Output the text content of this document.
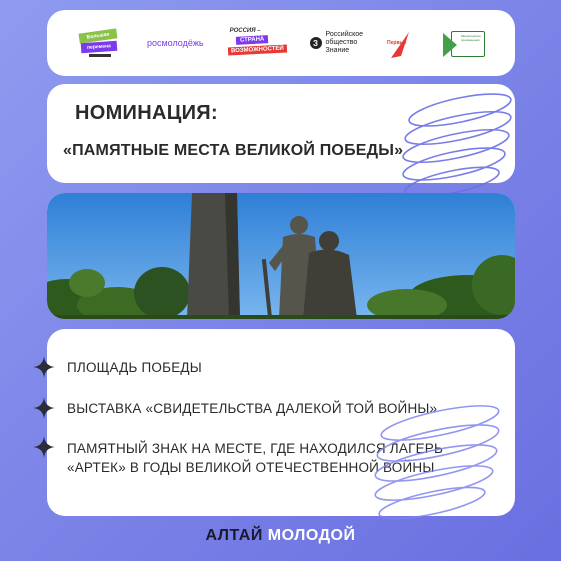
Большая
перемена	росмолодёжь
РОССИЯ –
СТРАНА
ВОЗМОЖНОСТЕЙ
З
Российское
общество
Знание
Первые
Министерство просвещения
НОМИНАЦИЯ:
«ПАМЯТНЫЕ МЕСТА ВЕЛИКОЙ ПОБЕДЫ»
ПЛОЩАДЬ ПОБЕДЫ
ВЫСТАВКА «СВИДЕТЕЛЬСТВА ДАЛЕКОЙ ТОЙ ВОЙНЫ»
ПАМЯТНЫЙ ЗНАК НА МЕСТЕ, ГДЕ НАХОДИЛСЯ ЛАГЕРЬ «АРТЕК» В ГОДЫ ВЕЛИКОЙ ОТЕЧЕСТВЕННОЙ ВОЙНЫ
АЛТАЙ МОЛОДОЙ
